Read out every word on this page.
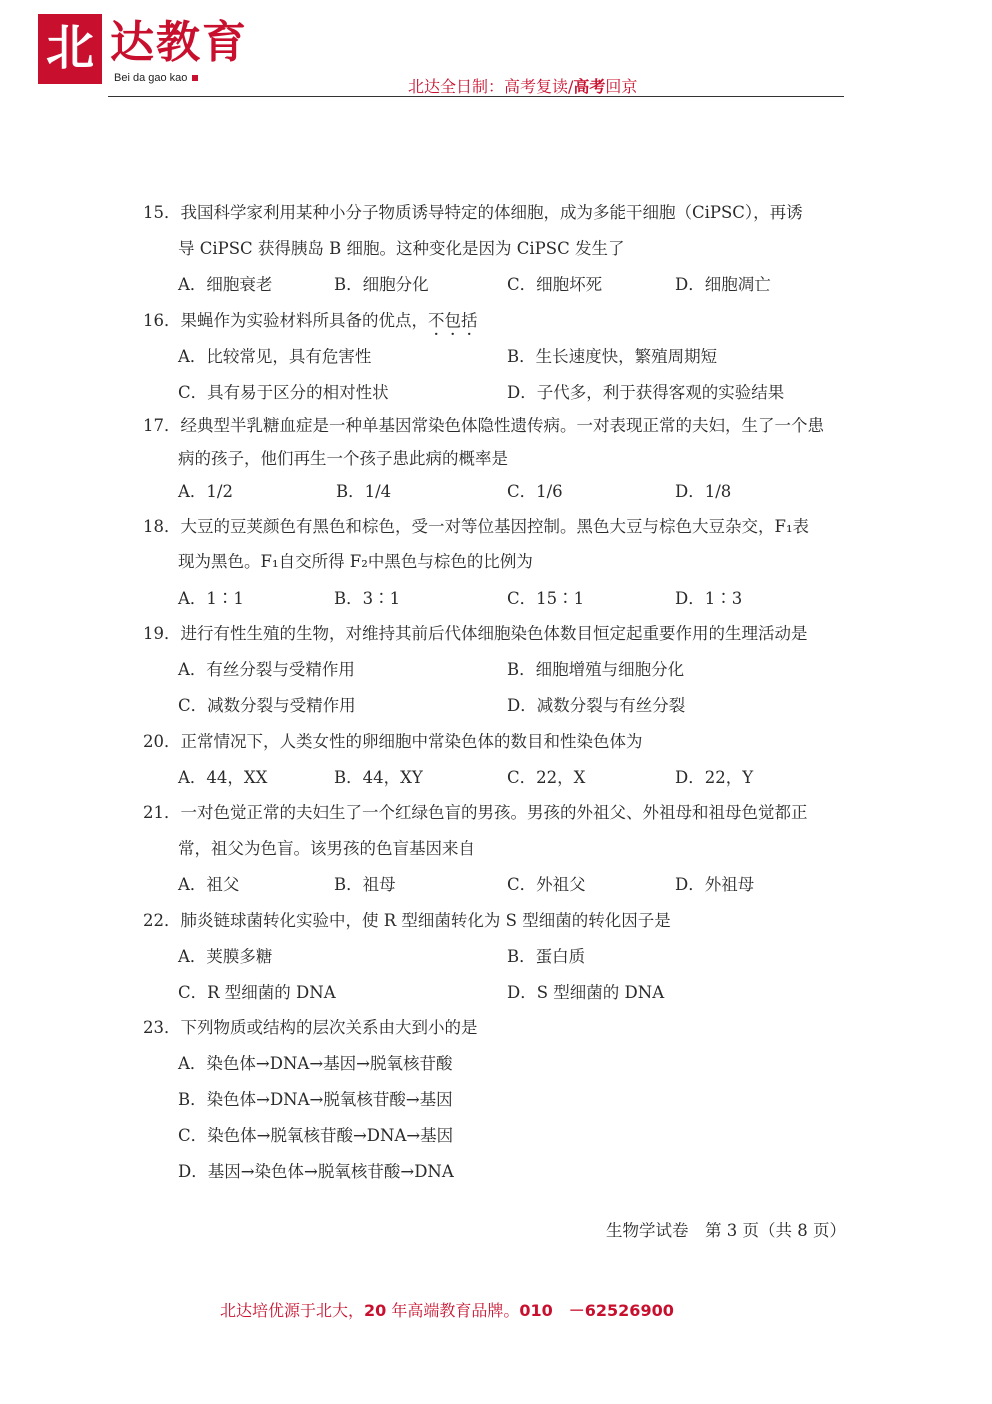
北 达教育
Bei da gao kao	北达全日制：高考复读/高考回京
15．我国科学家利用某种小分子物质诱导特定的体细胞，成为多能干细胞（CiPSC），再诱
导 CiPSC 获得胰岛 B 细胞。这种变化是因为 CiPSC 发生了
A．细胞衰老	B．细胞分化	C．细胞坏死	D．细胞凋亡
16．果蝇作为实验材料所具备的优点，不包括
A．比较常见，具有危害性	B．生长速度快，繁殖周期短
C．具有易于区分的相对性状	D．子代多，利于获得客观的实验结果
17．经典型半乳糖血症是一种单基因常染色体隐性遗传病。一对表现正常的夫妇，生了一个患
病的孩子，他们再生一个孩子患此病的概率是
A．1/2	B．1/4	C．1/6	D．1/8
18．大豆的豆荚颜色有黑色和棕色，受一对等位基因控制。黑色大豆与棕色大豆杂交，F₁表
现为黑色。F₁自交所得 F₂中黑色与棕色的比例为
A．1∶1	B．3∶1	C．15∶1	D．1∶3
19．进行有性生殖的生物，对维持其前后代体细胞染色体数目恒定起重要作用的生理活动是
A．有丝分裂与受精作用	B．细胞增殖与细胞分化
C．减数分裂与受精作用	D．减数分裂与有丝分裂
20．正常情况下，人类女性的卵细胞中常染色体的数目和性染色体为
A．44，XX	B．44，XY	C．22，X	D．22，Y
21．一对色觉正常的夫妇生了一个红绿色盲的男孩。男孩的外祖父、外祖母和祖母色觉都正
常，祖父为色盲。该男孩的色盲基因来自
A．祖父	B．祖母	C．外祖父	D．外祖母
22．肺炎链球菌转化实验中，使 R 型细菌转化为 S 型细菌的转化因子是
A．荚膜多糖	B．蛋白质
C．R 型细菌的 DNA	D．S 型细菌的 DNA
23．下列物质或结构的层次关系由大到小的是
A．染色体→DNA→基因→脱氧核苷酸
B．染色体→DNA→脱氧核苷酸→基因
C．染色体→脱氧核苷酸→DNA→基因
D．基因→染色体→脱氧核苷酸→DNA
生物学试卷　第 3 页（共 8 页）
北达培优源于北大，20 年高端教育品牌。010　－62526900
